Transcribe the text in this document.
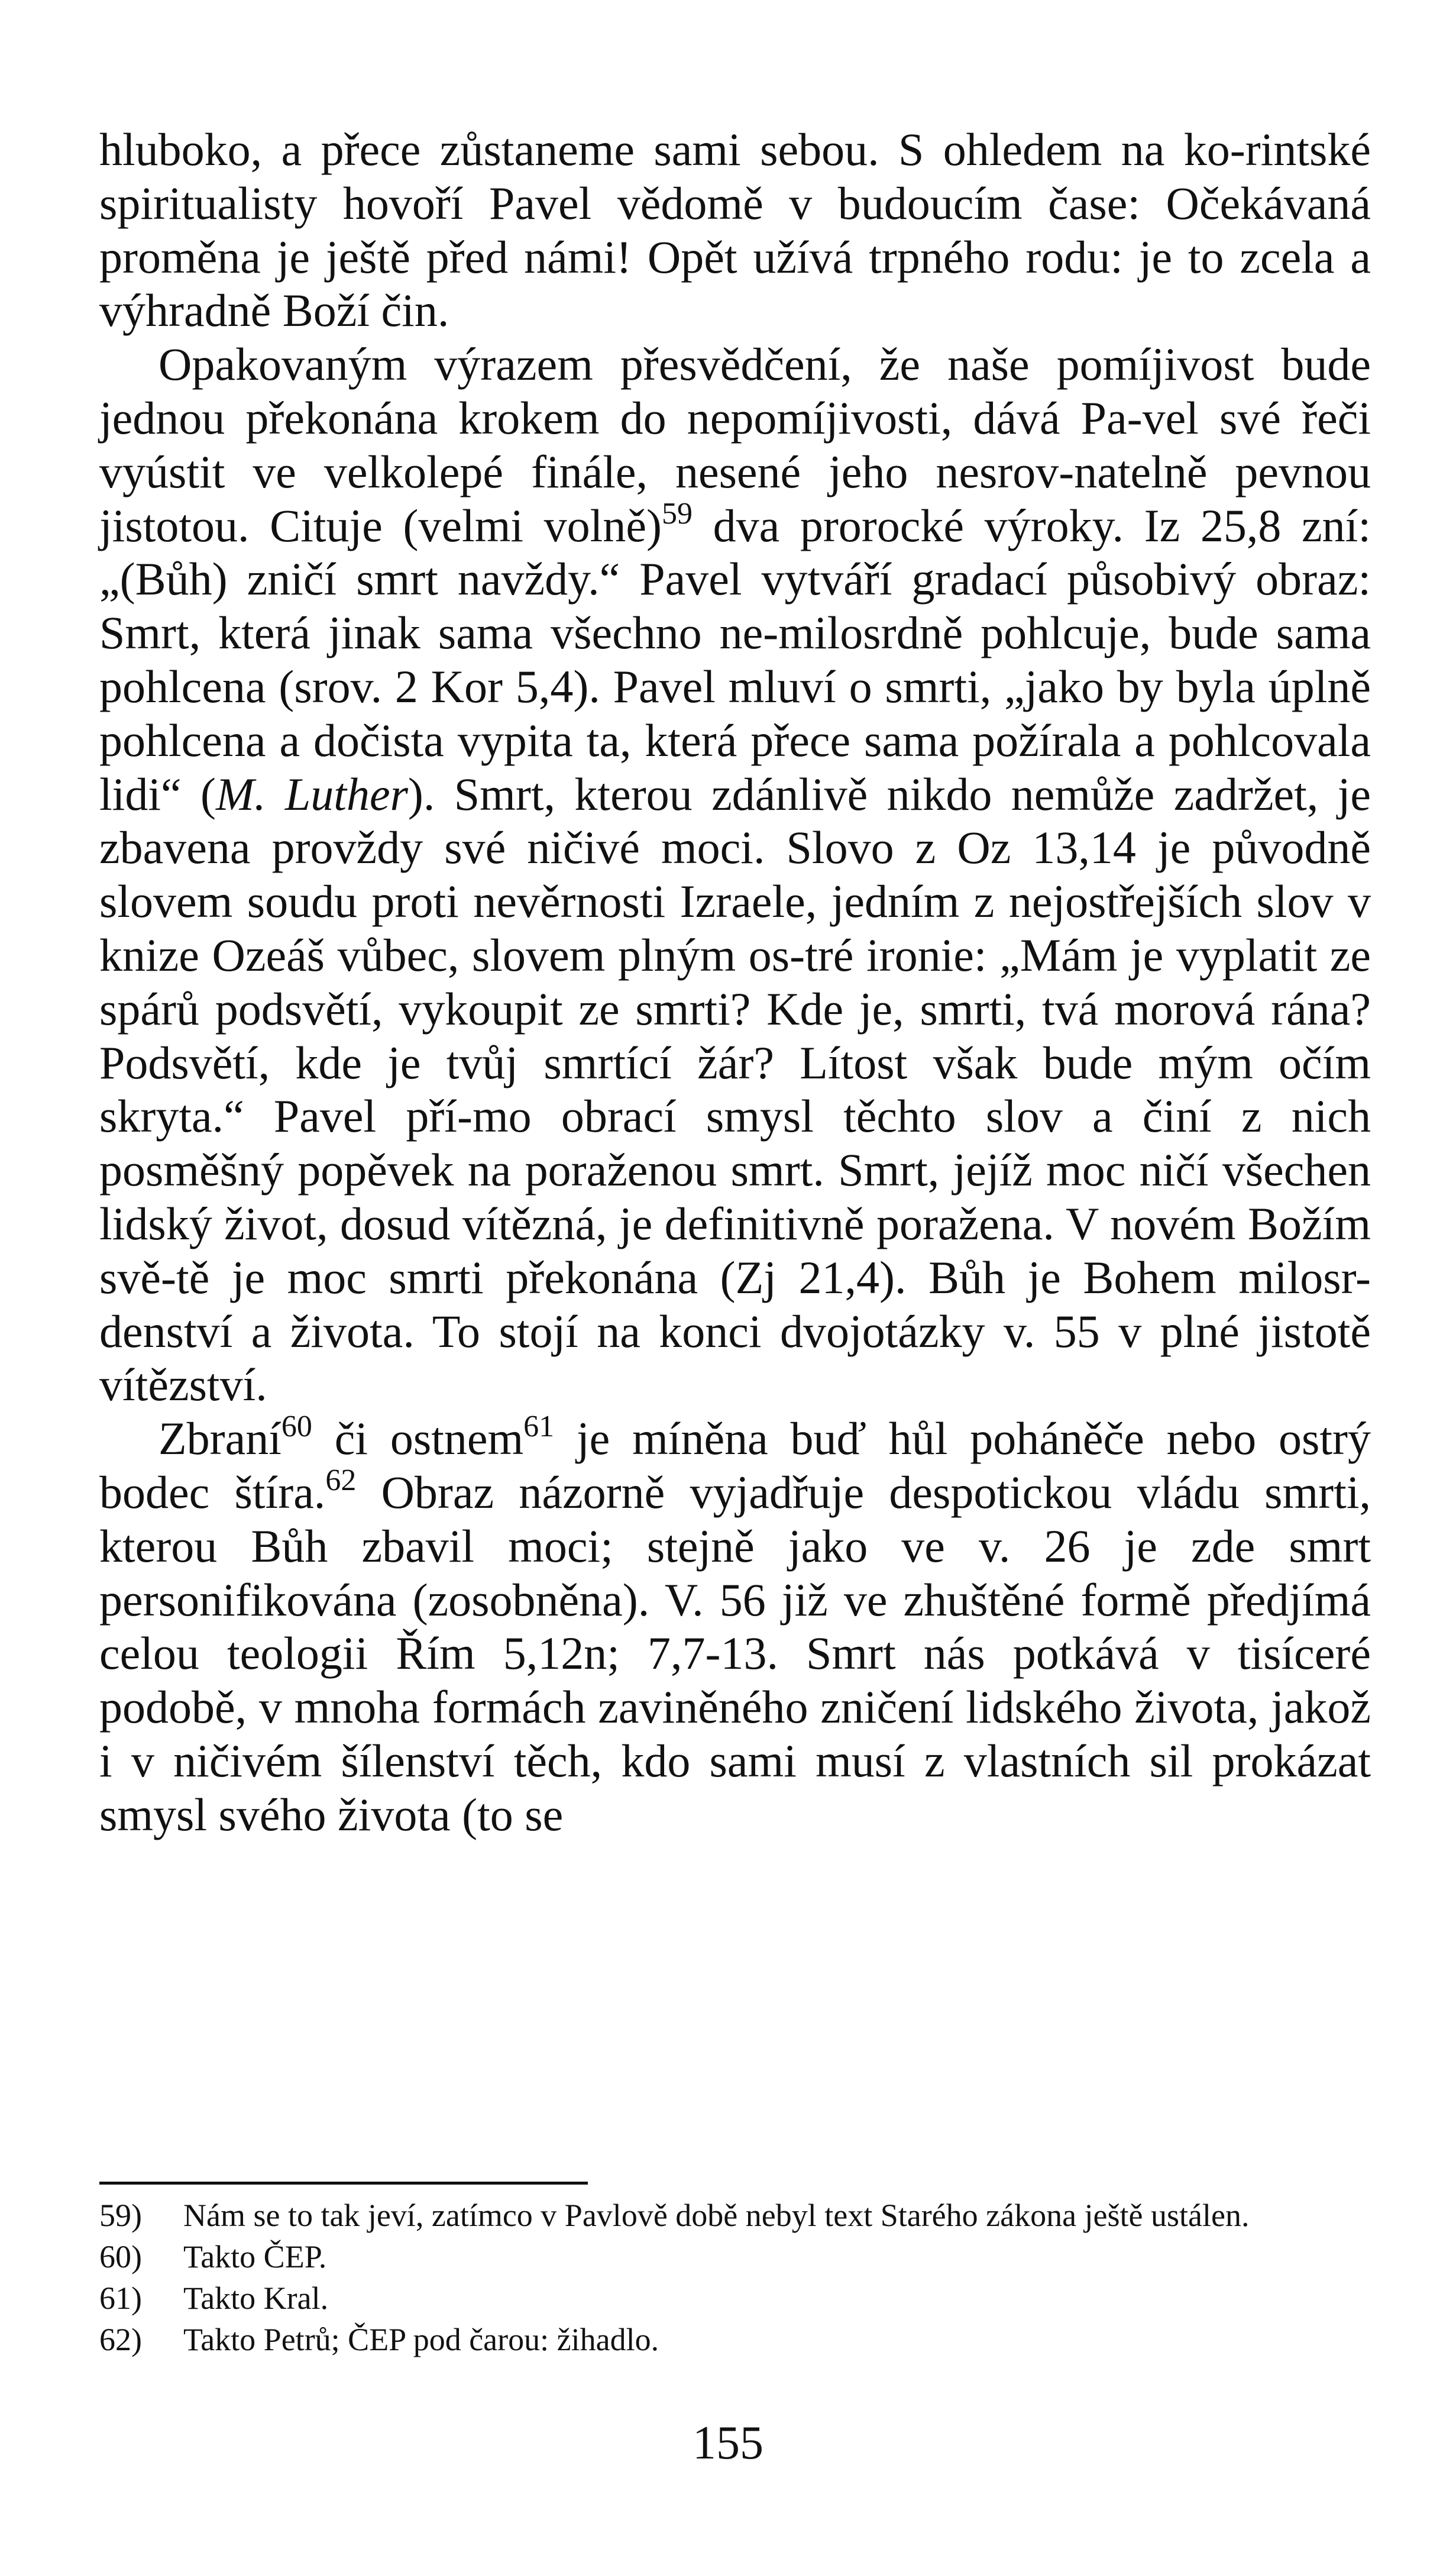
hluboko, a přece zůstaneme sami sebou. S ohledem na ko-rintské spiritualisty hovoří Pavel vědomě v budoucím čase: Očekávaná proměna je ještě před námi! Opět užívá trpného rodu: je to zcela a výhradně Boží čin.

Opakovaným výrazem přesvědčení, že naše pomíjivost bude jednou překonána krokem do nepomíjivosti, dává Pa-vel své řeči vyústit ve velkolepé finále, nesené jeho nesrov-natelně pevnou jistotou. Cituje (velmi volně)$^{59}$ dva prorocké výroky. Iz 25,8 zní: „(Bůh) zničí smrt navždy.“ Pavel vytváří gradací působivý obraz: Smrt, která jinak sama všechno ne-milosrdně pohlcuje, bude sama pohlcena (srov. 2 Kor 5,4). Pavel mluví o smrti, „jako by byla úplně pohlcena a dočista vypita ta, která přece sama požírala a pohlcovala lidi“ (M. Luther). Smrt, kterou zdánlivě nikdo nemůže zadržet, je zbavena provždy své ničivé moci. Slovo z Oz 13,14 je původně slovem soudu proti nevěrnosti Izraele, jedním z nejostřejších slov v knize Ozeáš vůbec, slovem plným os-tré ironie: „Mám je vyplatit ze spárů podsvětí, vykoupit ze smrti? Kde je, smrti, tvá morová rána? Podsvětí, kde je tvůj smrtící žár? Lítost však bude mým očím skryta.“ Pavel pří-mo obrací smysl těchto slov a činí z nich posměšný popěvek na poraženou smrt. Smrt, jejíž moc ničí všechen lidský život, dosud vítězná, je definitivně poražena. V novém Božím svě-tě je moc smrti překonána (Zj 21,4). Bůh je Bohem milosr-denství a života. To stojí na konci dvojotázky v. 55 v plné jistotě vítězství.

Zbraní$^{60}$ či ostnem$^{61}$ je míněna buď hůl poháněče nebo ostrý bodec štíra.$^{62}$ Obraz názorně vyjadřuje despotickou vládu smrti, kterou Bůh zbavil moci; stejně jako ve v. 26 je zde smrt personifikována (zosobněna). V. 56 již ve zhuštěné formě předjímá celou teologii Řím 5,12n; 7,7-13. Smrt nás potkává v tisíceré podobě, v mnoha formách zaviněného zničení lidského života, jakož i v ničivém šílenství těch, kdo sami musí z vlastních sil prokázat smysl svého života (to se

59) Nám se to tak jeví, zatímco v Pavlově době nebyl text Starého zákona ještě ustálen.

60) Takto ČEP.

61) Takto Kral.

62) Takto Petrů; ČEP pod čarou: žihadlo.

155
